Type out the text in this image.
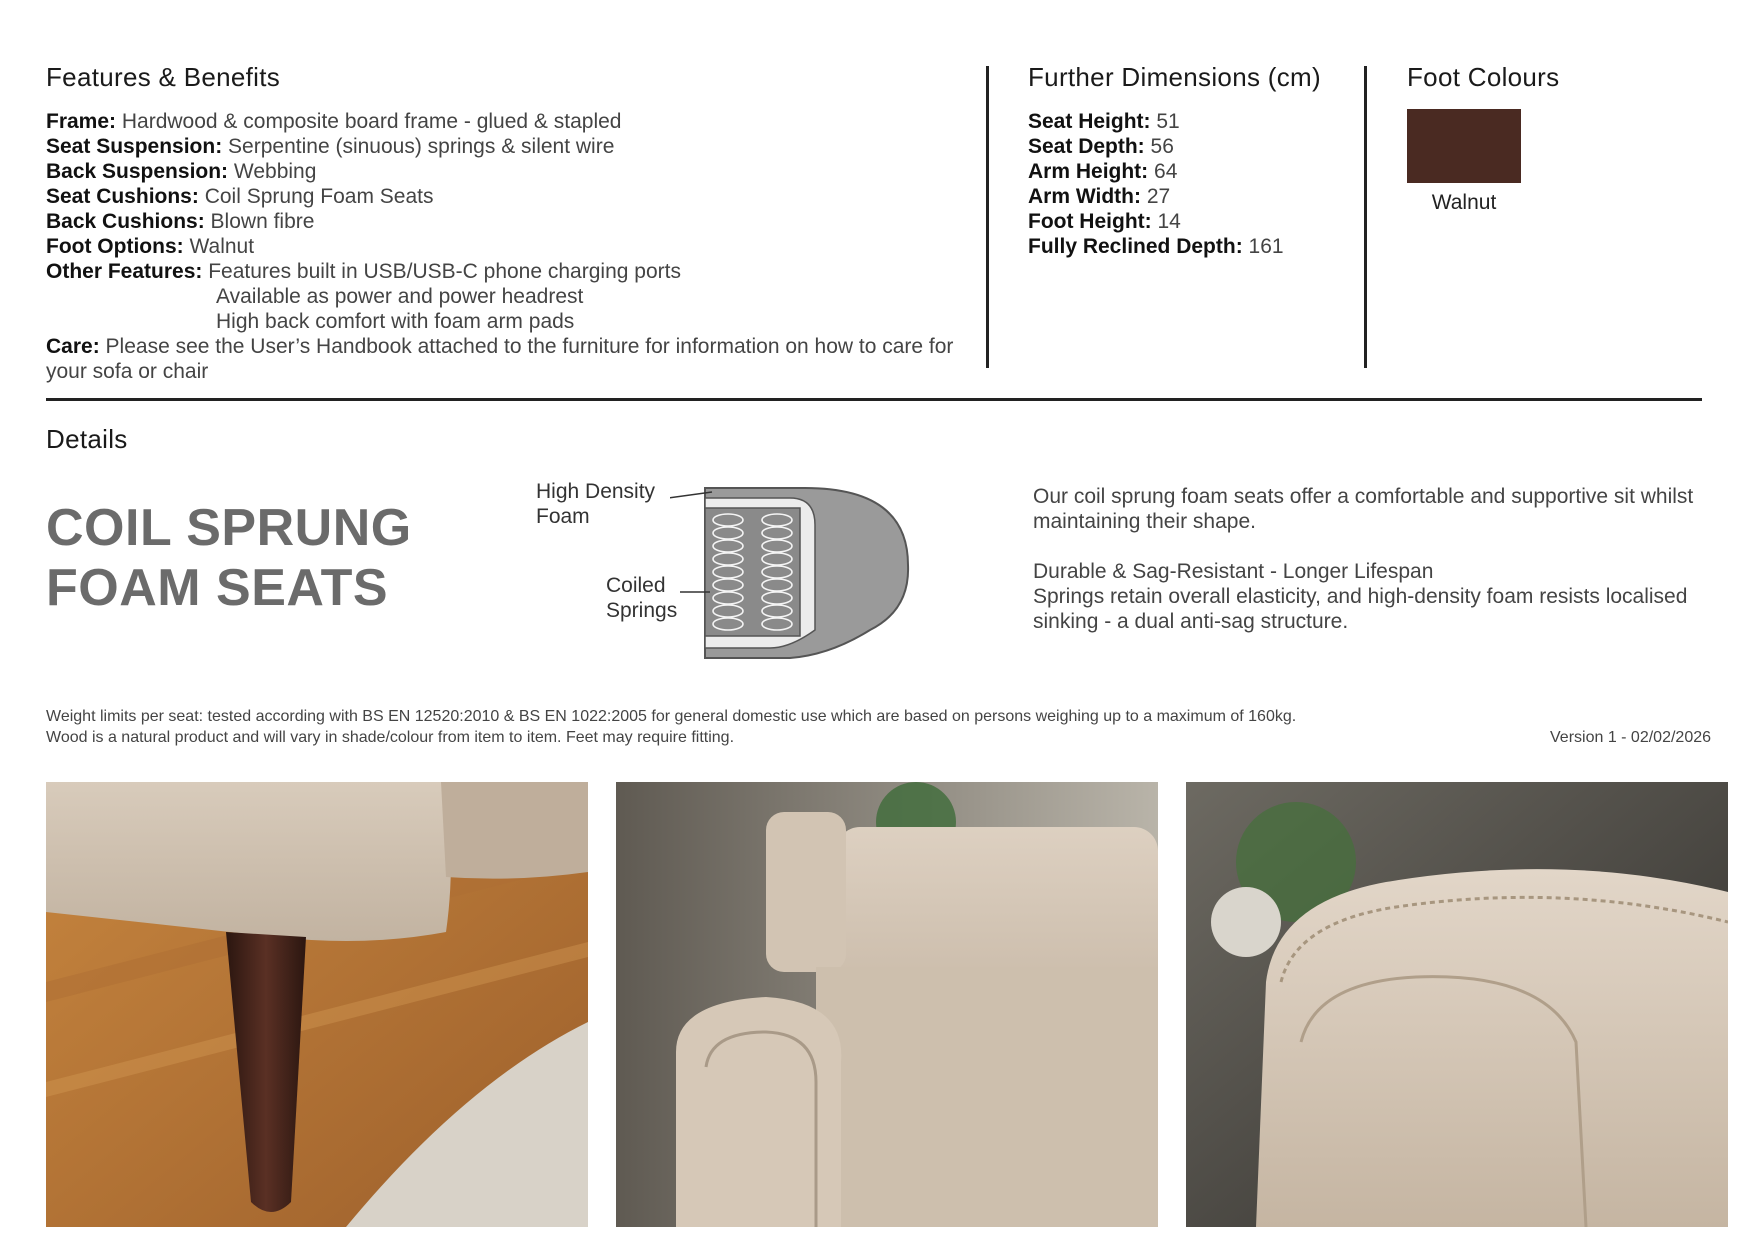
Features & Benefits
Frame: Hardwood & composite board frame - glued & stapled
Seat Suspension: Serpentine (sinuous) springs & silent wire
Back Suspension: Webbing
Seat Cushions: Coil Sprung Foam Seats
Back Cushions: Blown fibre
Foot Options: Walnut
Other Features: Features built in USB/USB-C phone charging ports
Available as power and power headrest
High back comfort with foam arm pads
Care: Please see the User’s Handbook attached to the furniture for information on how to care for your sofa or chair
Further Dimensions (cm)
Seat Height: 51
Seat Depth: 56
Arm Height: 64
Arm Width: 27
Foot Height: 14
Fully Reclined Depth: 161
Foot Colours
Walnut
Details
COIL SPRUNG
FOAM SEATS
High Density
Foam
Coiled
Springs

Our coil sprung foam seats offer a comfortable and supportive sit whilst maintaining their shape.

Durable & Sag-Resistant - Longer Lifespan
Springs retain overall elasticity, and high-density foam resists localised sinking - a dual anti-sag structure.
Weight limits per seat: tested according with BS EN 12520:2010 & BS EN 1022:2005 for general domestic use which are based on persons weighing up to a maximum of 160kg.
Wood is a natural product and will vary in shade/colour from item to item. Feet may require fitting.	Version 1 - 02/02/2026
